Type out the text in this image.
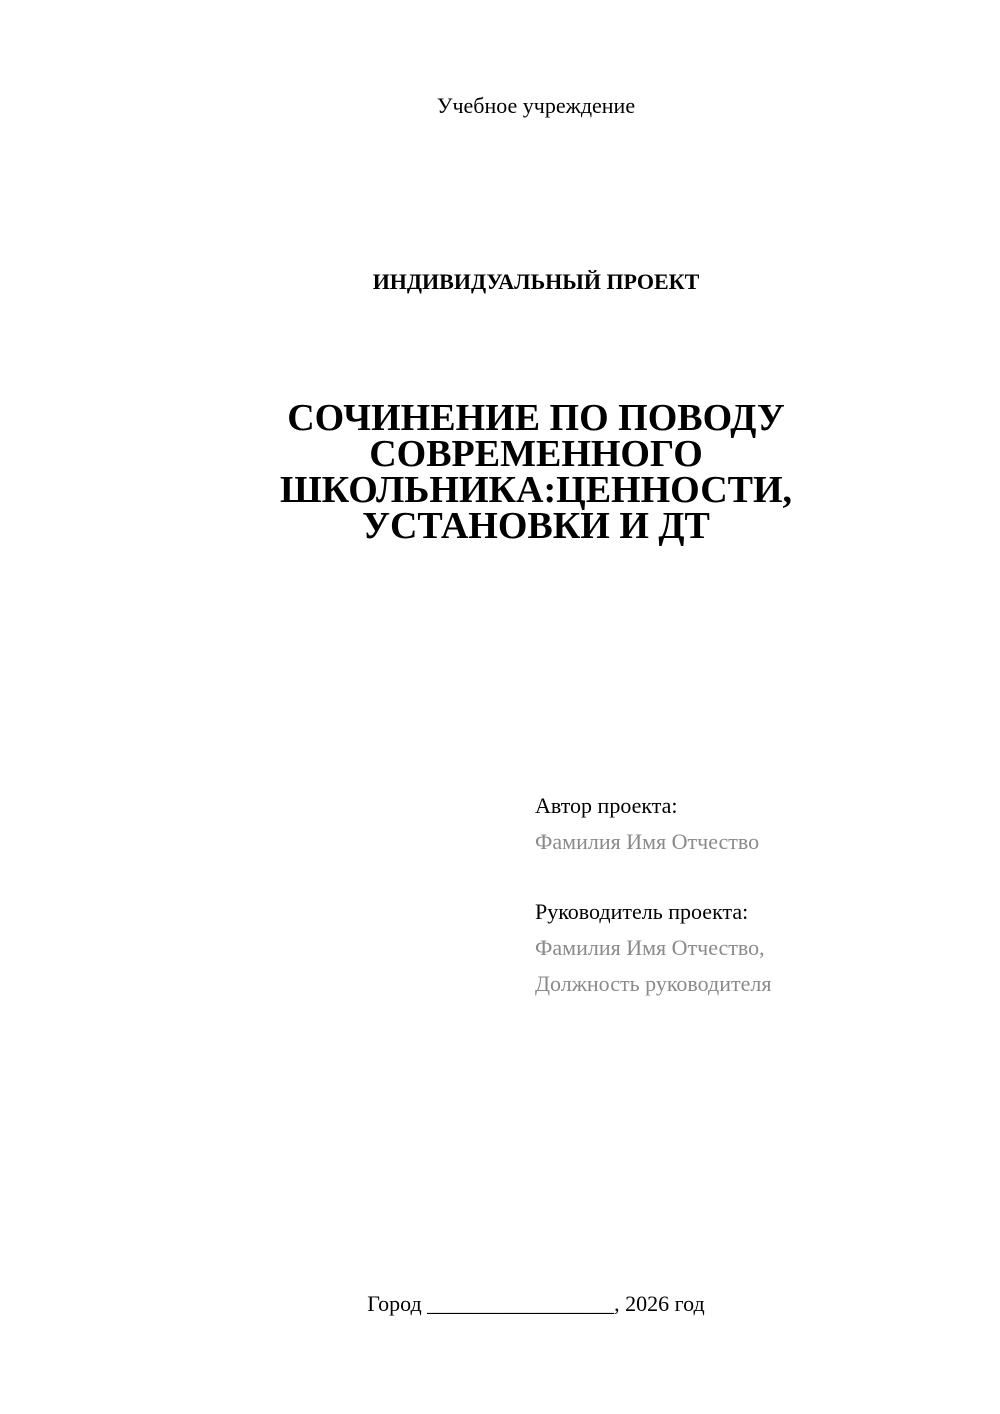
Учебное учреждение
ИНДИВИДУАЛЬНЫЙ ПРОЕКТ
СОЧИНЕНИЕ ПО ПОВОДУ
СОВРЕМЕННОГО
ШКОЛЬНИКА:ЦЕННОСТИ,
УСТАНОВКИ И ДТ
Автор проекта:
Фамилия Имя Отчество
Руководитель проекта:
Фамилия Имя Отчество,
Должность руководителя
Город _________________, 2026 год
